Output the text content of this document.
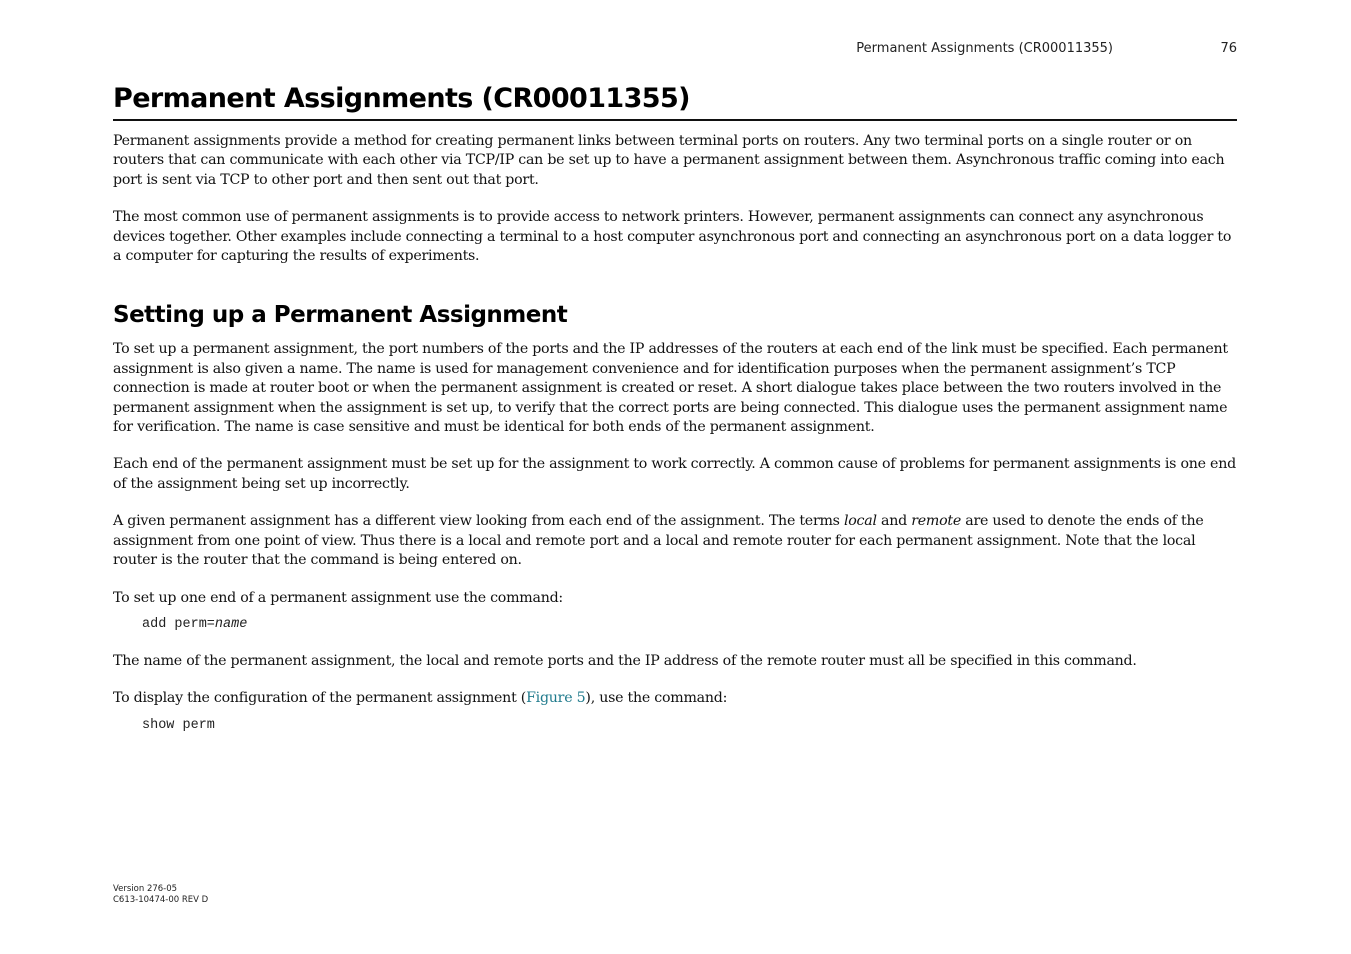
Permanent Assignments (CR00011355)	76
Permanent Assignments (CR00011355)

Permanent assignments provide a method for creating permanent links between terminal ports on routers. Any two terminal ports on a single router or on routers that can communicate with each other via TCP/IP can be set up to have a permanent assignment between them. Asynchronous traffic coming into each port is sent via TCP to other port and then sent out that port.

The most common use of permanent assignments is to provide access to network printers. However, permanent assignments can connect any asynchronous devices together. Other examples include connecting a terminal to a host computer asynchronous port and connecting an asynchronous port on a data logger to a computer for capturing the results of experiments.

Setting up a Permanent Assignment

To set up a permanent assignment, the port numbers of the ports and the IP addresses of the routers at each end of the link must be specified. Each permanent assignment is also given a name. The name is used for management convenience and for identification purposes when the permanent assignment’s TCP connection is made at router boot or when the permanent assignment is created or reset. A short dialogue takes place between the two routers involved in the permanent assignment when the assignment is set up, to verify that the correct ports are being connected. This dialogue uses the permanent assignment name for verification. The name is case sensitive and must be identical for both ends of the permanent assignment.

Each end of the permanent assignment must be set up for the assignment to work correctly. A common cause of problems for permanent assignments is one end of the assignment being set up incorrectly.

A given permanent assignment has a different view looking from each end of the assignment. The terms local and remote are used to denote the ends of the assignment from one point of view. Thus there is a local and remote port and a local and remote router for each permanent assignment. Note that the local router is the router that the command is being entered on.

To set up one end of a permanent assignment use the command:

add perm=name

The name of the permanent assignment, the local and remote ports and the IP address of the remote router must all be specified in this command.

To display the configuration of the permanent assignment (Figure 5), use the command:

show perm
Version 276-05
C613-10474-00 REV D
